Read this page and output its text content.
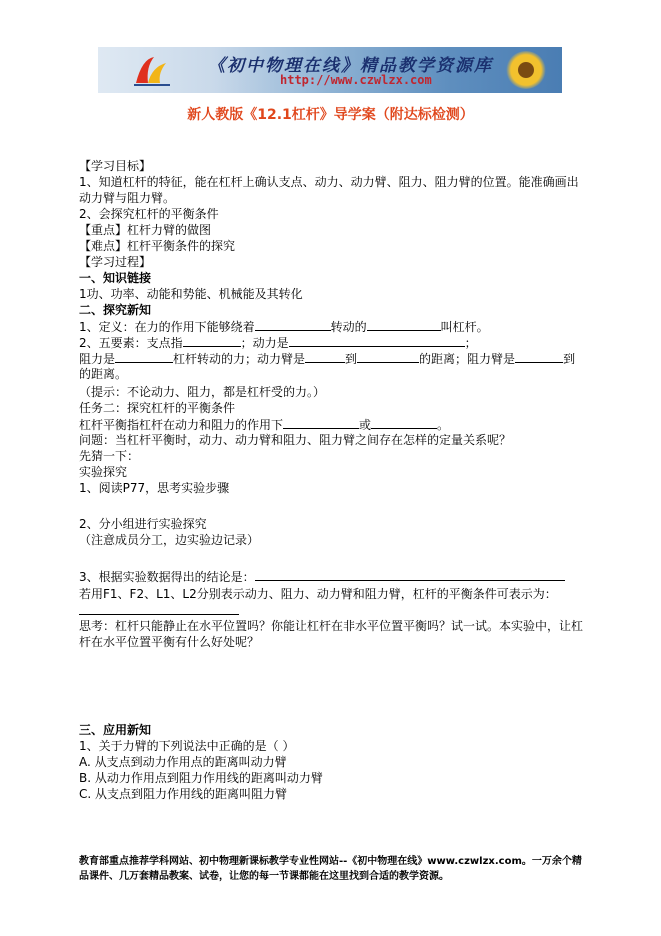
《初中物理在线》精品教学资源库
http://www.czwlzx.com
新人教版《12.1杠杆》导学案（附达标检测）
【学习目标】
1、知道杠杆的特征，能在杠杆上确认支点、动力、动力臂、阻力、阻力臂的位置。能准确画出动力臂与阻力臂。
2、会探究杠杆的平衡条件
【重点】杠杆力臂的做图
【难点】杠杆平衡条件的探究
【学习过程】
一、知识链接
1功、功率、动能和势能、机械能及其转化
二、探究新知
1、定义：在力的作用下能够绕着	转动的	叫杠杆。
2、五要素：支点指	；动力是	；
阻力是	杠杆转动的力；动力臂是	到	的距离；阻力臂是	到
的距离。
（提示：不论动力、阻力，都是杠杆受的力。）
任务二：探究杠杆的平衡条件
杠杆平衡指杠杆在动力和阻力的作用下	或	。
问题：当杠杆平衡时，动力、动力臂和阻力、阻力臂之间存在怎样的定量关系呢？
先猜一下：
实验探究
1、阅读P77，思考实验步骤
2、分小组进行实验探究
（注意成员分工，边实验边记录）
3、根据实验数据得出的结论是：
若用F1、F2、L1、L2分别表示动力、阻力、动力臂和阻力臂，杠杆的平衡条件可表示为：
思考：杠杆只能静止在水平位置吗？你能让杠杆在非水平位置平衡吗？试一试。本实验中，让杠杆在水平位置平衡有什么好处呢？
三、应用新知
1、关于力臂的下列说法中正确的是（ ）
A. 从支点到动力作用点的距离叫动力臂
B. 从动力作用点到阻力作用线的距离叫动力臂
C. 从支点到阻力作用线的距离叫阻力臂
教育部重点推荐学科网站、初中物理新课标教学专业性网站--《初中物理在线》www.czwlzx.com。一万余个精品课件、几万套精品教案、试卷，让您的每一节课都能在这里找到合适的教学资源。
